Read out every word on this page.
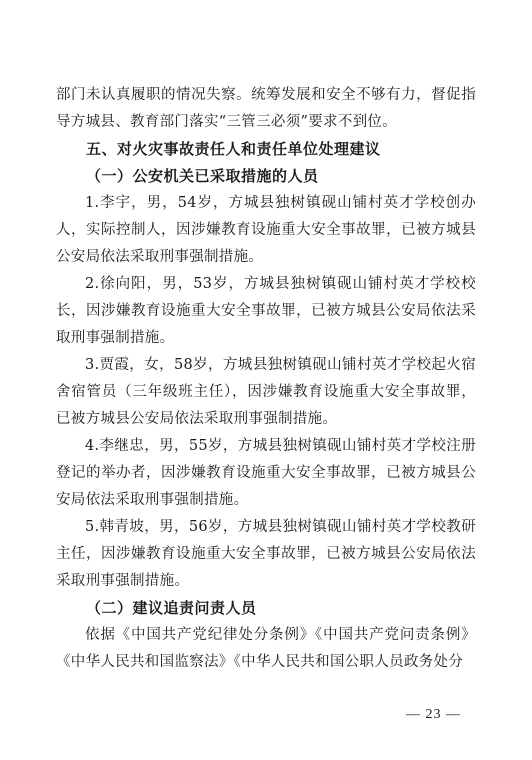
部门未认真履职的情况失察。统筹发展和安全不够有力，督促指导方城县、教育部门落实“三管三必须”要求不到位。

五、对火灾事故责任人和责任单位处理建议

（一）公安机关已采取措施的人员

1.李宇，男，54岁，方城县独树镇砚山铺村英才学校创办人，实际控制人，因涉嫌教育设施重大安全事故罪，已被方城县公安局依法采取刑事强制措施。

2.徐向阳，男，53岁，方城县独树镇砚山铺村英才学校校长，因涉嫌教育设施重大安全事故罪，已被方城县公安局依法采取刑事强制措施。

3.贾霞，女，58岁，方城县独树镇砚山铺村英才学校起火宿舍宿管员（三年级班主任），因涉嫌教育设施重大安全事故罪，已被方城县公安局依法采取刑事强制措施。

4.李继忠，男，55岁，方城县独树镇砚山铺村英才学校注册登记的举办者，因涉嫌教育设施重大安全事故罪，已被方城县公安局依法采取刑事强制措施。

5.韩青坡，男，56岁，方城县独树镇砚山铺村英才学校教研主任，因涉嫌教育设施重大安全事故罪，已被方城县公安局依法采取刑事强制措施。

（二）建议追责问责人员

依据《中国共产党纪律处分条例》《中国共产党问责条例》《中华人民共和国监察法》《中华人民共和国公职人员政务处分

— 23 —
